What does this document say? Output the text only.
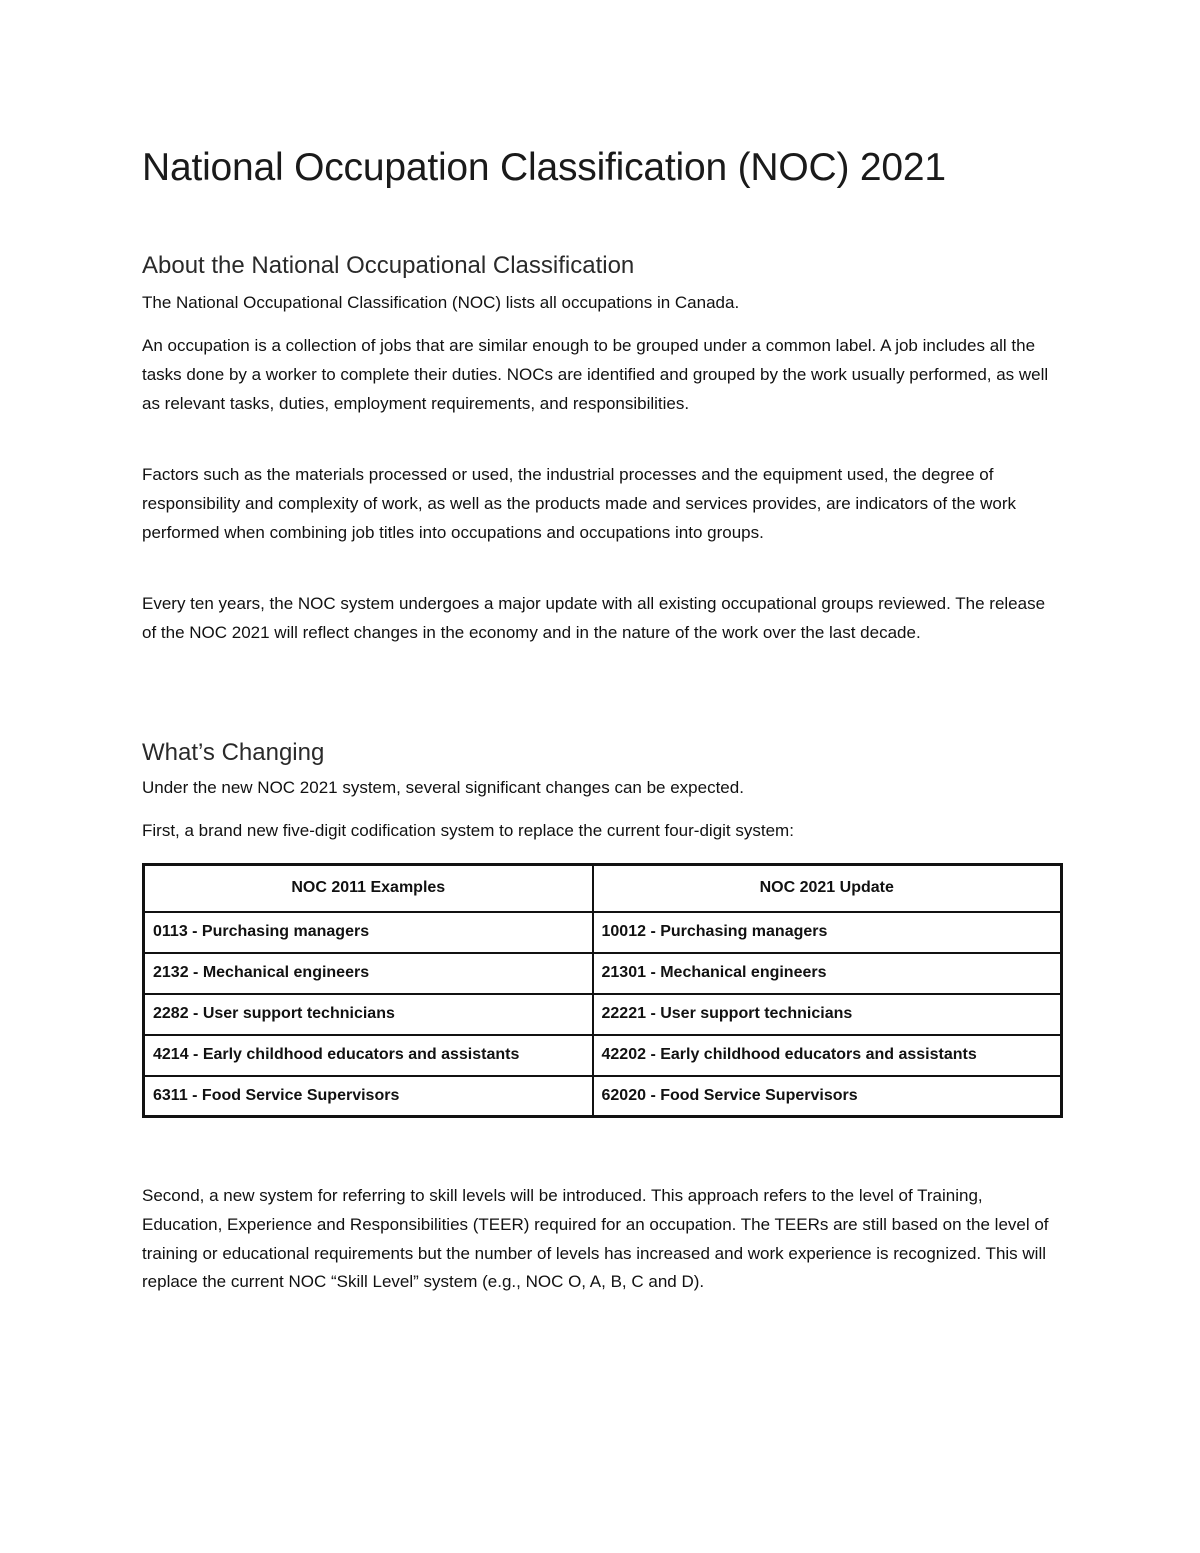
National Occupation Classification (NOC) 2021
About the National Occupational Classification

The National Occupational Classification (NOC) lists all occupations in Canada.

An occupation is a collection of jobs that are similar enough to be grouped under a common label. A job includes all the tasks done by a worker to complete their duties. NOCs are identified and grouped by the work usually performed, as well as relevant tasks, duties, employment requirements, and responsibilities.

Factors such as the materials processed or used, the industrial processes and the equipment used, the degree of responsibility and complexity of work, as well as the products made and services provides, are indicators of the work performed when combining job titles into occupations and occupations into groups.

Every ten years, the NOC system undergoes a major update with all existing occupational groups reviewed. The release of the NOC 2021 will reflect changes in the economy and in the nature of the work over the last decade.

What’s Changing

Under the new NOC 2021 system, several significant changes can be expected.

First, a brand new five-digit codification system to replace the current four-digit system:

NOC 2011 Examples	NOC 2021 Update
0113 - Purchasing managers	10012 - Purchasing managers
2132 - Mechanical engineers	21301 - Mechanical engineers
2282 - User support technicians	22221 - User support technicians
4214 - Early childhood educators and assistants	42202 - Early childhood educators and assistants
6311 - Food Service Supervisors	62020 - Food Service Supervisors

Second, a new system for referring to skill levels will be introduced. This approach refers to the level of Training, Education, Experience and Responsibilities (TEER) required for an occupation. The TEERs are still based on the level of training or educational requirements but the number of levels has increased and work experience is recognized. This will replace the current NOC “Skill Level” system (e.g., NOC O, A, B, C and D).
